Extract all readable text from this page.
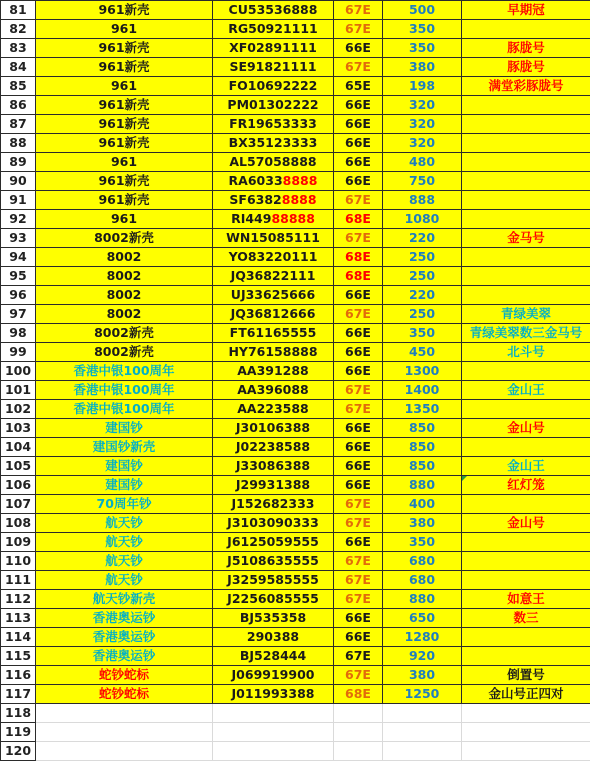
81	961新壳	CU53536888	67E	500	早期冠
82	961	RG50921111	67E	350	
83	961新壳	XF02891111	66E	350	豚胧号
84	961新壳	SE91821111	67E	380	豚胧号
85	961	FO10692222	65E	198	满堂彩豚胧号
86	961新壳	PM01302222	66E	320	
87	961新壳	FR19653333	66E	320	
88	961新壳	BX35123333	66E	320	
89	961	AL57058888	66E	480	
90	961新壳	RA60338888	66E	750	
91	961新壳	SF63828888	67E	888	
92	961	RI44988888	68E	1080	
93	8002新壳	WN15085111	67E	220	金马号
94	8002	YO83220111	68E	250	
95	8002	JQ36822111	68E	250	
96	8002	UJ33625666	66E	220	
97	8002	JQ36812666	67E	250	青绿美翠
98	8002新壳	FT61165555	66E	350	青绿美翠数三金马号
99	8002新壳	HY76158888	66E	450	北斗号
100	香港中银100周年	AA391288	66E	1300	
101	香港中银100周年	AA396088	67E	1400	金山王
102	香港中银100周年	AA223588	67E	1350	
103	建国钞	J30106388	66E	850	金山号
104	建国钞新壳	J02238588	66E	850	
105	建国钞	J33086388	66E	850	金山王
106	建国钞	J29931388	66E	880	红灯笼
107	70周年钞	J152682333	67E	400	
108	航天钞	J3103090333	67E	380	金山号
109	航天钞	J6125059555	66E	350	
110	航天钞	J5108635555	67E	680	
111	航天钞	J3259585555	67E	680	
112	航天钞新壳	J2256085555	67E	880	如意王
113	香港奥运钞	BJ535358	66E	650	数三
114	香港奥运钞	290388	66E	1280	
115	香港奥运钞	BJ528444	67E	920	
116	蛇钞蛇标	J069919900	67E	380	倒置号
117	蛇钞蛇标	J011993388	68E	1250	金山号正四对
118					
119					
120					
